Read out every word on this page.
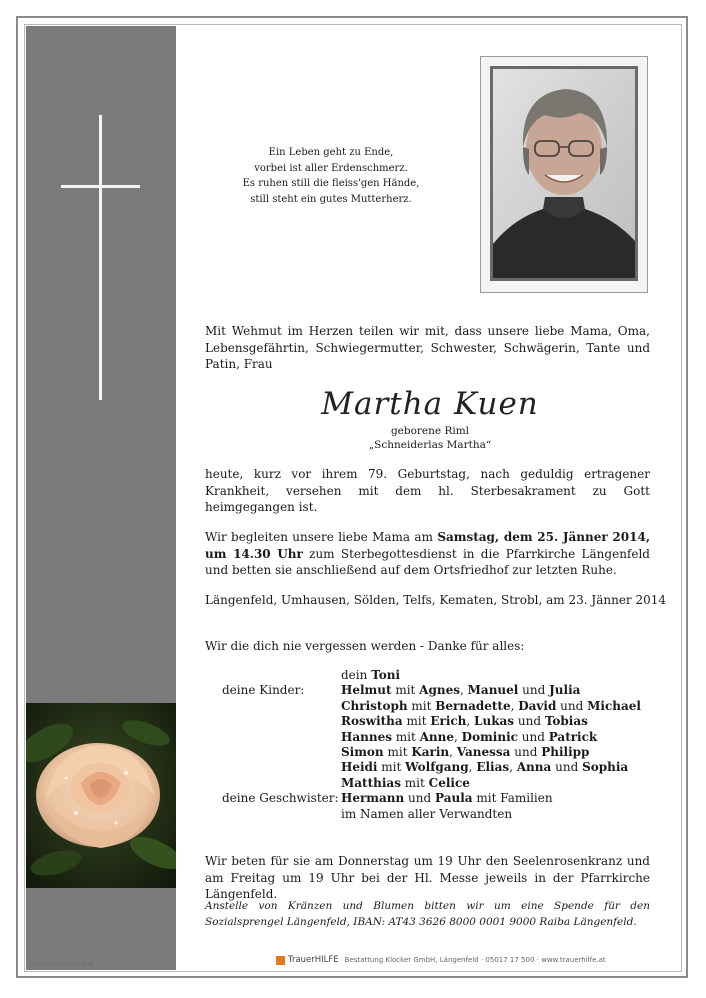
www.trauerhilfe.at
Ein Leben geht zu Ende,
vorbei ist aller Erdenschmerz.
Es ruhen still die fleiss'gen Hände,
still steht ein gutes Mutterherz.
Mit Wehmut im Herzen teilen wir mit, dass unsere liebe Mama, Oma, Lebensgefährtin, Schwiegermutter, Schwester, Schwägerin, Tante und Patin, Frau
Martha Kuen
geborene Riml
„Schneiderlas Martha“
heute, kurz vor ihrem 79. Geburtstag, nach geduldig ertragener Krankheit, versehen mit dem hl. Sterbesakrament zu Gott heimgegangen ist.
Wir begleiten unsere liebe Mama am Samstag, dem 25. Jänner 2014, um 14.30 Uhr zum Sterbegottesdienst in die Pfarrkirche Längenfeld und betten sie anschließend auf dem Ortsfriedhof zur letzten Ruhe.
Längenfeld, Umhausen, Sölden, Telfs, Kematen, Strobl, am 23. Jänner 2014
Wir die dich nie vergessen werden - Danke für alles:
dein Toni
deine Kinder:	Helmut mit Agnes, Manuel und Julia
Christoph mit Bernadette, David und Michael
Roswitha mit Erich, Lukas und Tobias
Hannes mit Anne, Dominic und Patrick
Simon mit Karin, Vanessa und Philipp
Heidi mit Wolfgang, Elias, Anna und Sophia
Matthias mit Celice
deine Geschwister: Hermann und Paula mit Familien
im Namen aller Verwandten
Wir beten für sie am Donnerstag um 19 Uhr den Seelenrosenkranz und am Freitag um 19 Uhr bei der Hl. Messe jeweils in der Pfarrkirche Längenfeld.
Anstelle von Kränzen und Blumen bitten wir um eine Spende für den Sozialsprengel Längenfeld, IBAN: AT43 3626 8000 0001 9000 Raiba Längenfeld.
TrauerHILFE Bestattung Klocker GmbH, Längenfeld · 05017 17 500 · www.trauerhilfe.at
